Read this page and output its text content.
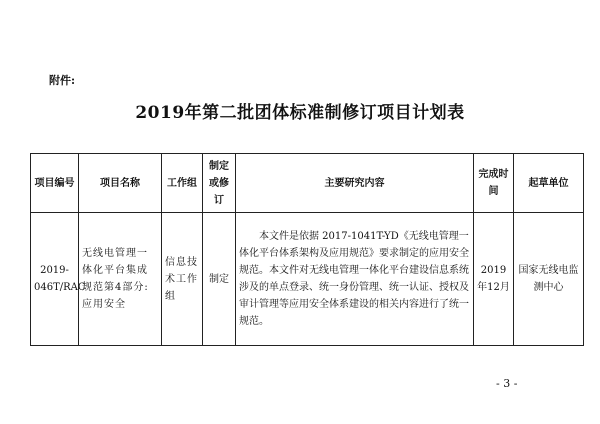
附件:
2019年第二批团体标准制修订项目计划表
项目编号	项目名称	工作组	制定或修订	主要研究内容	完成时间	起草单位
2019-046T/RAC	无线电管理一体化平台集成规范第4部分:应用安全	信息技术工作组	制定	本文件是依据 2017-1041T-YD《无线电管理一体化平台体系架构及应用规范》要求制定的应用安全规范。本文件对无线电管理一体化平台建设信息系统涉及的单点登录、统一身份管理、统一认证、授权及审计管理等应用安全体系建设的相关内容进行了统一规范。	2019年12月	国家无线电监测中心
- 3 -
